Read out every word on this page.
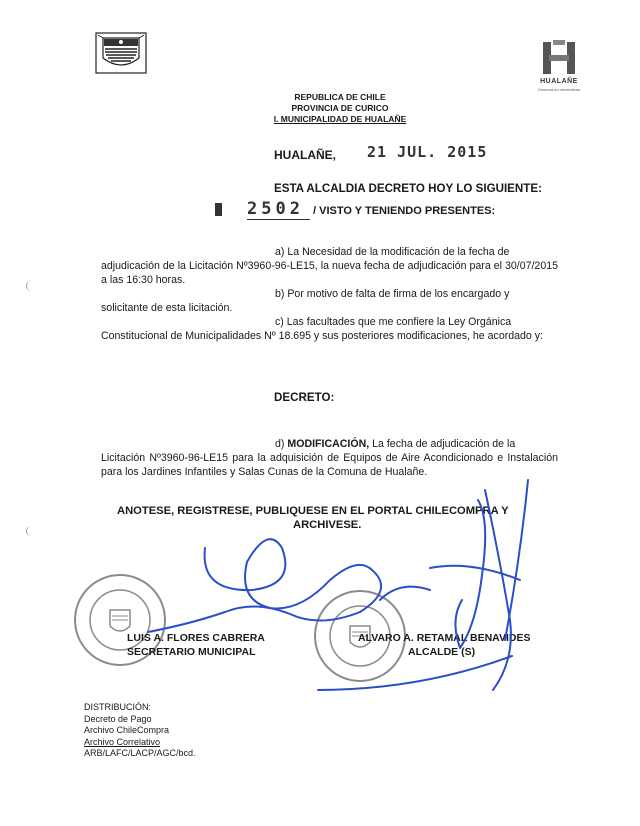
HUALAÑE
Comuna en movimiento
REPUBLICA DE CHILE
PROVINCIA DE CURICO
I. MUNICIPALIDAD DE HUALAÑE
HUALAÑE, 21 JUL. 2015
ESTA ALCALDIA DECRETO HOY LO SIGUIENTE:
2502 / VISTO Y TENIENDO PRESENTES:
a) La Necesidad de la modificación de la fecha de
adjudicación de la Licitación Nº3960-96-LE15, la nueva fecha de adjudicación para el 30/07/2015 a las 16:30 horas.
b) Por motivo de falta de firma de los encargado y
solicitante de esta licitación.
c) Las facultades que me confiere la Ley Orgánica
Constitucional de Municipalidades Nº 18.695 y sus posteriores modificaciones, he acordado y:
DECRETO:
d) MODIFICACIÓN, La fecha de adjudicación de la
Licitación Nº3960-96-LE15 para la adquisición de Equipos de Aire Acondicionado e Instalación para los Jardines Infantiles y Salas Cunas de la Comuna de Hualañe.
ANOTESE, REGISTRESE, PUBLIQUESE EN EL PORTAL CHILECOMPRA Y
ARCHIVESE.
LUIS A. FLORES CABRERA
SECRETARIO MUNICIPAL
ALVARO A. RETAMAL BENAVIDES
ALCALDE (S)
DISTRIBUCIÓN:
Decreto de Pago
Archivo ChileCompra
Archivo Correlativo
ARB/LAFC/LACP/AGC/bcd.
